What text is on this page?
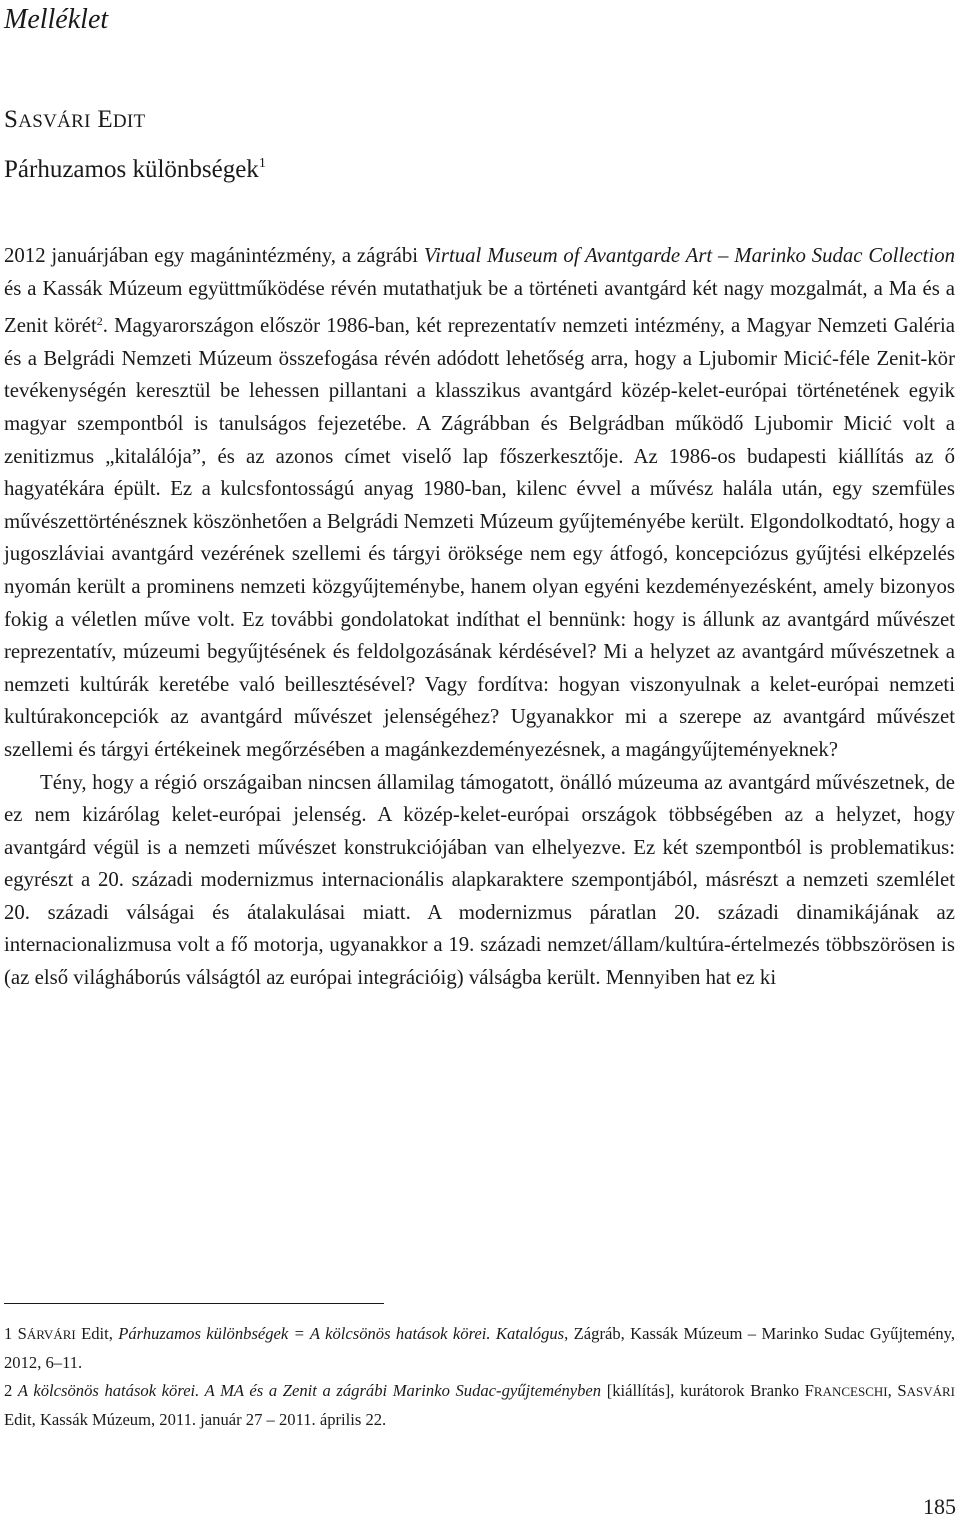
Melléklet
SASVÁRI EDIT
Párhuzamos különbségek$^1$

2012 januárjában egy magánintézmény, a zágrábi Virtual Museum of Avantgarde Art – Marinko Sudac Collection és a Kassák Múzeum együttműködése révén mutathatjuk be a történeti avantgárd két nagy mozgalmát, a Ma és a Zenit körét$^2$. Magyarországon először 1986-ban, két reprezentatív nemzeti intézmény, a Magyar Nemzeti Galéria és a Belgrádi Nemzeti Múzeum összefogása révén adódott lehetőség arra, hogy a Ljubomir Micić-féle Zenit-kör tevékenységén keresztül be lehessen pillantani a klasszikus avantgárd közép-kelet-európai történetének egyik magyar szempontból is tanulságos fejezetébe. A Zágrábban és Belgrádban működő Ljubomir Micić volt a zenitizmus „kitalálója”, és az azonos címet viselő lap főszerkesztője. Az 1986-os budapesti kiállítás az ő hagyatékára épült. Ez a kulcsfontosságú anyag 1980-ban, kilenc évvel a művész halála után, egy szemfüles művészettörténésznek köszönhetően a Belgrádi Nemzeti Múzeum gyűjteményébe került. Elgondolkodtató, hogy a jugoszláviai avantgárd vezérének szellemi és tárgyi öröksége nem egy átfogó, koncepciózus gyűjtési elképzelés nyomán került a prominens nemzeti közgyűjteménybe, hanem olyan egyéni kezdeményezésként, amely bizonyos fokig a véletlen műve volt. Ez további gondolatokat indíthat el bennünk: hogy is állunk az avantgárd művészet reprezentatív, múzeumi begyűjtésének és feldolgozásának kérdésével? Mi a helyzet az avantgárd művészetnek a nemzeti kultúrák keretébe való beillesztésével? Vagy fordítva: hogyan viszonyulnak a kelet-európai nemzeti kultúrakoncepciók az avantgárd művészet jelenségéhez? Ugyanakkor mi a szerepe az avantgárd művészet szellemi és tárgyi értékeinek megőrzésében a magánkezdeményezésnek, a magángyűjteményeknek?

Tény, hogy a régió országaiban nincsen államilag támogatott, önálló múzeuma az avantgárd művészetnek, de ez nem kizárólag kelet-európai jelenség. A közép-kelet-európai országok többségében az a helyzet, hogy avantgárd végül is a nemzeti művészet konstrukciójában van elhelyezve. Ez két szempontból is problematikus: egyrészt a 20. századi modernizmus internacionális alapkaraktere szempontjából, másrészt a nemzeti szemlélet 20. századi válságai és átalakulásai miatt. A modernizmus páratlan 20. századi dinamikájának az internacionalizmusa volt a fő motorja, ugyanakkor a 19. századi nemzet/állam/kultúra-értelmezés többszörösen is (az első világháborús válságtól az európai integrációig) válságba került. Mennyiben hat ez ki

1 SÁRVÁRI Edit, Párhuzamos különbségek = A kölcsönös hatások körei. Katalógus, Zágráb, Kassák Múzeum – Marinko Sudac Gyűjtemény, 2012, 6–11.

2 A kölcsönös hatások körei. A MA és a Zenit a zágrábi Marinko Sudac-gyűjteményben [kiállítás], kurátorok Branko FRANCESCHI, SASVÁRI Edit, Kassák Múzeum, 2011. január 27 – 2011. április 22.

185
